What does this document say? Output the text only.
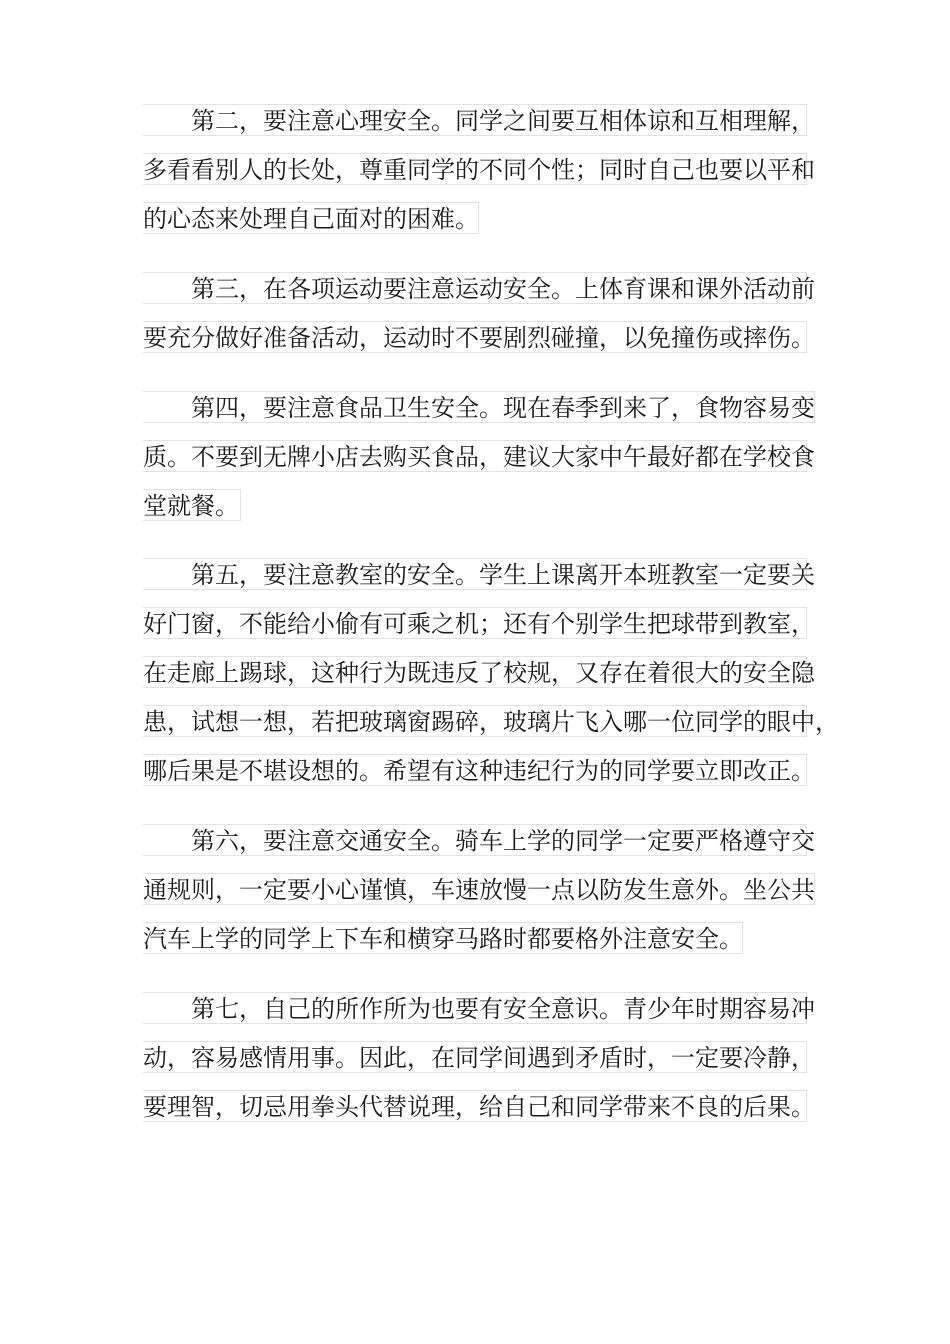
第二，要注意心理安全。同学之间要互相体谅和互相理解，
多看看别人的长处，尊重同学的不同个性；同时自己也要以平和
的心态来处理自己面对的困难。
第三，在各项运动要注意运动安全。上体育课和课外活动前
要充分做好准备活动，运动时不要剧烈碰撞，以免撞伤或摔伤。
第四，要注意食品卫生安全。现在春季到来了，食物容易变
质。不要到无牌小店去购买食品，建议大家中午最好都在学校食
堂就餐。
第五，要注意教室的安全。学生上课离开本班教室一定要关
好门窗，不能给小偷有可乘之机；还有个别学生把球带到教室，
在走廊上踢球，这种行为既违反了校规，又存在着很大的安全隐
患，试想一想，若把玻璃窗踢碎，玻璃片飞入哪一位同学的眼中，
哪后果是不堪设想的。希望有这种违纪行为的同学要立即改正。
第六，要注意交通安全。骑车上学的同学一定要严格遵守交
通规则，一定要小心谨慎，车速放慢一点以防发生意外。坐公共
汽车上学的同学上下车和横穿马路时都要格外注意安全。
第七，自己的所作所为也要有安全意识。青少年时期容易冲
动，容易感情用事。因此，在同学间遇到矛盾时，一定要冷静，
要理智，切忌用拳头代替说理，给自己和同学带来不良的后果。
